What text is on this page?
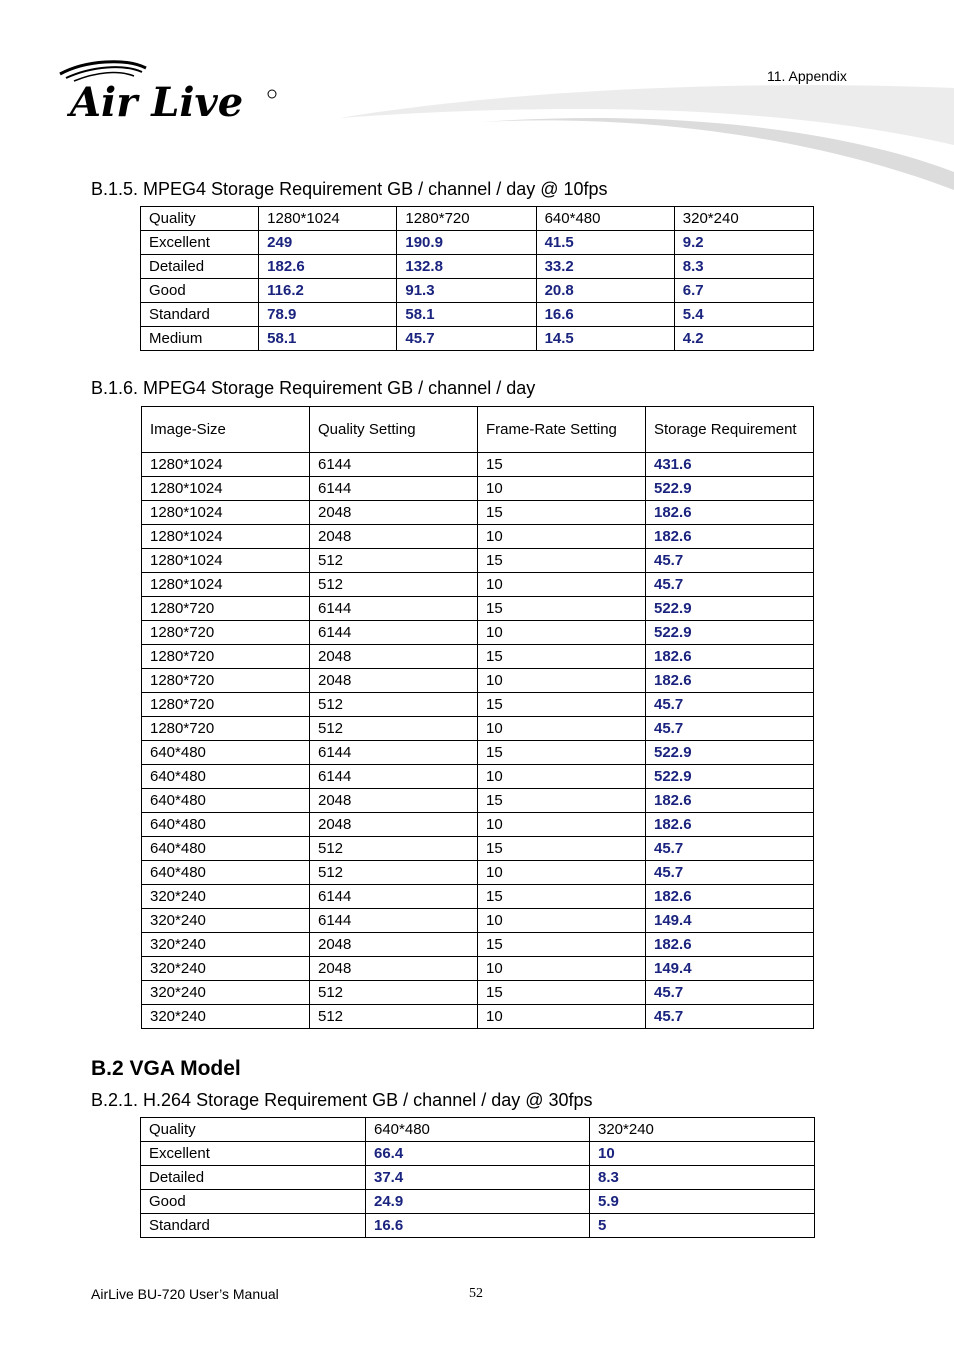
Air Live
11. Appendix
B.1.5. MPEG4 Storage Requirement GB / channel / day @ 10fps
Quality	1280*1024	1280*720	640*480	320*240
Excellent	249	190.9	41.5	9.2
Detailed	182.6	132.8	33.2	8.3
Good	116.2	91.3	20.8	6.7
Standard	78.9	58.1	16.6	5.4
Medium	58.1	45.7	14.5	4.2
B.1.6. MPEG4 Storage Requirement GB / channel / day
Image-Size	Quality Setting	Frame-Rate Setting	Storage Requirement
1280*1024	6144	15	431.6
1280*1024	6144	10	522.9
1280*1024	2048	15	182.6
1280*1024	2048	10	182.6
1280*1024	512	15	45.7
1280*1024	512	10	45.7
1280*720	6144	15	522.9
1280*720	6144	10	522.9
1280*720	2048	15	182.6
1280*720	2048	10	182.6
1280*720	512	15	45.7
1280*720	512	10	45.7
640*480	6144	15	522.9
640*480	6144	10	522.9
640*480	2048	15	182.6
640*480	2048	10	182.6
640*480	512	15	45.7
640*480	512	10	45.7
320*240	6144	15	182.6
320*240	6144	10	149.4
320*240	2048	15	182.6
320*240	2048	10	149.4
320*240	512	15	45.7
320*240	512	10	45.7
B.2 VGA Model
B.2.1. H.264 Storage Requirement GB / channel / day @ 30fps
Quality	640*480	320*240
Excellent	66.4	10
Detailed	37.4	8.3
Good	24.9	5.9
Standard	16.6	5
AirLive BU-720 User’s Manual	52
